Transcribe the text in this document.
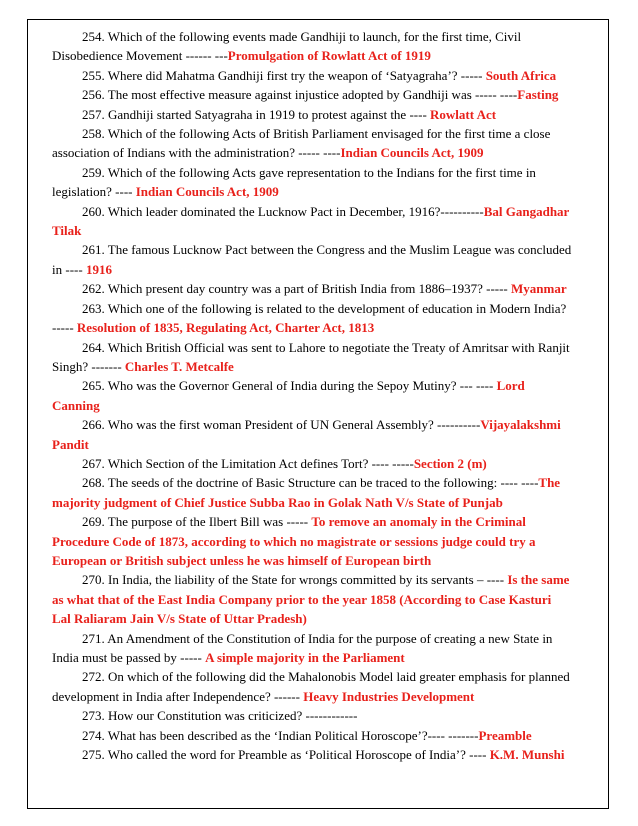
254. Which of the following events made Gandhiji to launch, for the first time, Civil Disobedience Movement ------ ---Promulgation of Rowlatt Act of 1919

255. Where did Mahatma Gandhiji first try the weapon of ‘Satyagraha’? ----- South Africa

256. The most effective measure against injustice adopted by Gandhiji was ----- ----Fasting

257. Gandhiji started Satyagraha in 1919 to protest against the ---- Rowlatt Act

258. Which of the following Acts of British Parliament envisaged for the first time a close association of Indians with the administration? ----- ----Indian Councils Act, 1909

259. Which of the following Acts gave representation to the Indians for the first time in legislation? ---- Indian Councils Act, 1909

260. Which leader dominated the Lucknow Pact in December, 1916?----------Bal Gangadhar Tilak

261. The famous Lucknow Pact between the Congress and the Muslim League was concluded in ---- 1916

262. Which present day country was a part of British India from 1886–1937? ----- Myanmar

263. Which one of the following is related to the development of education in Modern India? ----- Resolution of 1835, Regulating Act, Charter Act, 1813

264. Which British Official was sent to Lahore to negotiate the Treaty of Amritsar with Ranjit Singh? ------- Charles T. Metcalfe

265. Who was the Governor General of India during the Sepoy Mutiny? --- ---- Lord Canning

266. Who was the first woman President of UN General Assembly? ----------Vijayalakshmi Pandit

267. Which Section of the Limitation Act defines Tort? ---- -----Section 2 (m)

268. The seeds of the doctrine of Basic Structure can be traced to the following: ---- ----The majority judgment of Chief Justice Subba Rao in Golak Nath V/s State of Punjab

269. The purpose of the Ilbert Bill was ----- To remove an anomaly in the Criminal Procedure Code of 1873, according to which no magistrate or sessions judge could try a European or British subject unless he was himself of European birth

270. In India, the liability of the State for wrongs committed by its servants – ---- Is the same as what that of the East India Company prior to the year 1858 (According to Case Kasturi Lal Raliaram Jain V/s State of Uttar Pradesh)

271. An Amendment of the Constitution of India for the purpose of creating a new State in India must be passed by ----- A simple majority in the Parliament

272. On which of the following did the Mahalonobis Model laid greater emphasis for planned development in India after Independence? ------ Heavy Industries Development

273. How our Constitution was criticized? ------------

274. What has been described as the ‘Indian Political Horoscope’?---- -------Preamble

275. Who called the word for Preamble as ‘Political Horoscope of India’? ---- K.M. Munshi
